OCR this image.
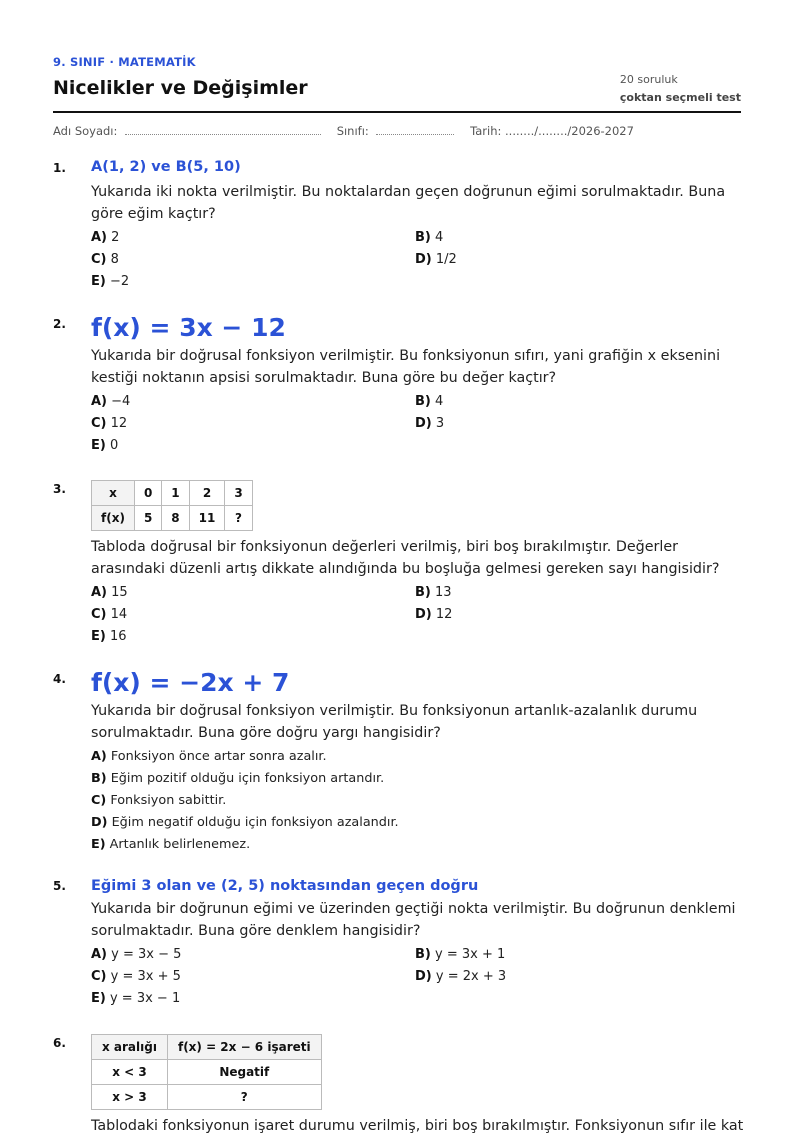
9. SINIF · MATEMATİK
Nicelikler ve Değişimler	20 soruluk
çoktan seçmeli test
Adı Soyadı:	Sınıfı:	Tarih: ......../......../2026-2027
1. A(1, 2) ve B(5, 10)
Yukarıda iki nokta verilmiştir. Bu noktalardan geçen doğrunun eğimi sorulmaktadır. Buna göre eğim kaçtır?
A) 2	B) 4
C) 8	D) 1/2
E) −2
2. f(x) = 3x − 12
Yukarıda bir doğrusal fonksiyon verilmiştir. Bu fonksiyonun sıfırı, yani grafiğin x eksenini kestiği noktanın apsisi sorulmaktadır. Buna göre bu değer kaçtır?
A) −4	B) 4
C) 12	D) 3
E) 0
3.	x	0	1	2	3
f(x)	5	8	11	?
Tabloda doğrusal bir fonksiyonun değerleri verilmiş, biri boş bırakılmıştır. Değerler arasındaki düzenli artış dikkate alındığında bu boşluğa gelmesi gereken sayı hangisidir?
A) 15	B) 13
C) 14	D) 12
E) 16
4. f(x) = −2x + 7
Yukarıda bir doğrusal fonksiyon verilmiştir. Bu fonksiyonun artanlık-azalanlık durumu sorulmaktadır. Buna göre doğru yargı hangisidir?
A) Fonksiyon önce artar sonra azalır.
B) Eğim pozitif olduğu için fonksiyon artandır.
C) Fonksiyon sabittir.
D) Eğim negatif olduğu için fonksiyon azalandır.
E) Artanlık belirlenemez.
5. Eğimi 3 olan ve (2, 5) noktasından geçen doğru
Yukarıda bir doğrunun eğimi ve üzerinden geçtiği nokta verilmiştir. Bu doğrunun denklemi sorulmaktadır. Buna göre denklem hangisidir?
A) y = 3x − 5	B) y = 3x + 1
C) y = 3x + 5	D) y = 2x + 3
E) y = 3x − 1
6.	x aralığı	f(x) = 2x − 6 işareti
x < 3	Negatif
x > 3	?
Tablodaki fonksiyonun işaret durumu verilmiş, biri boş bırakılmıştır. Fonksiyonun sıfır ile kat
